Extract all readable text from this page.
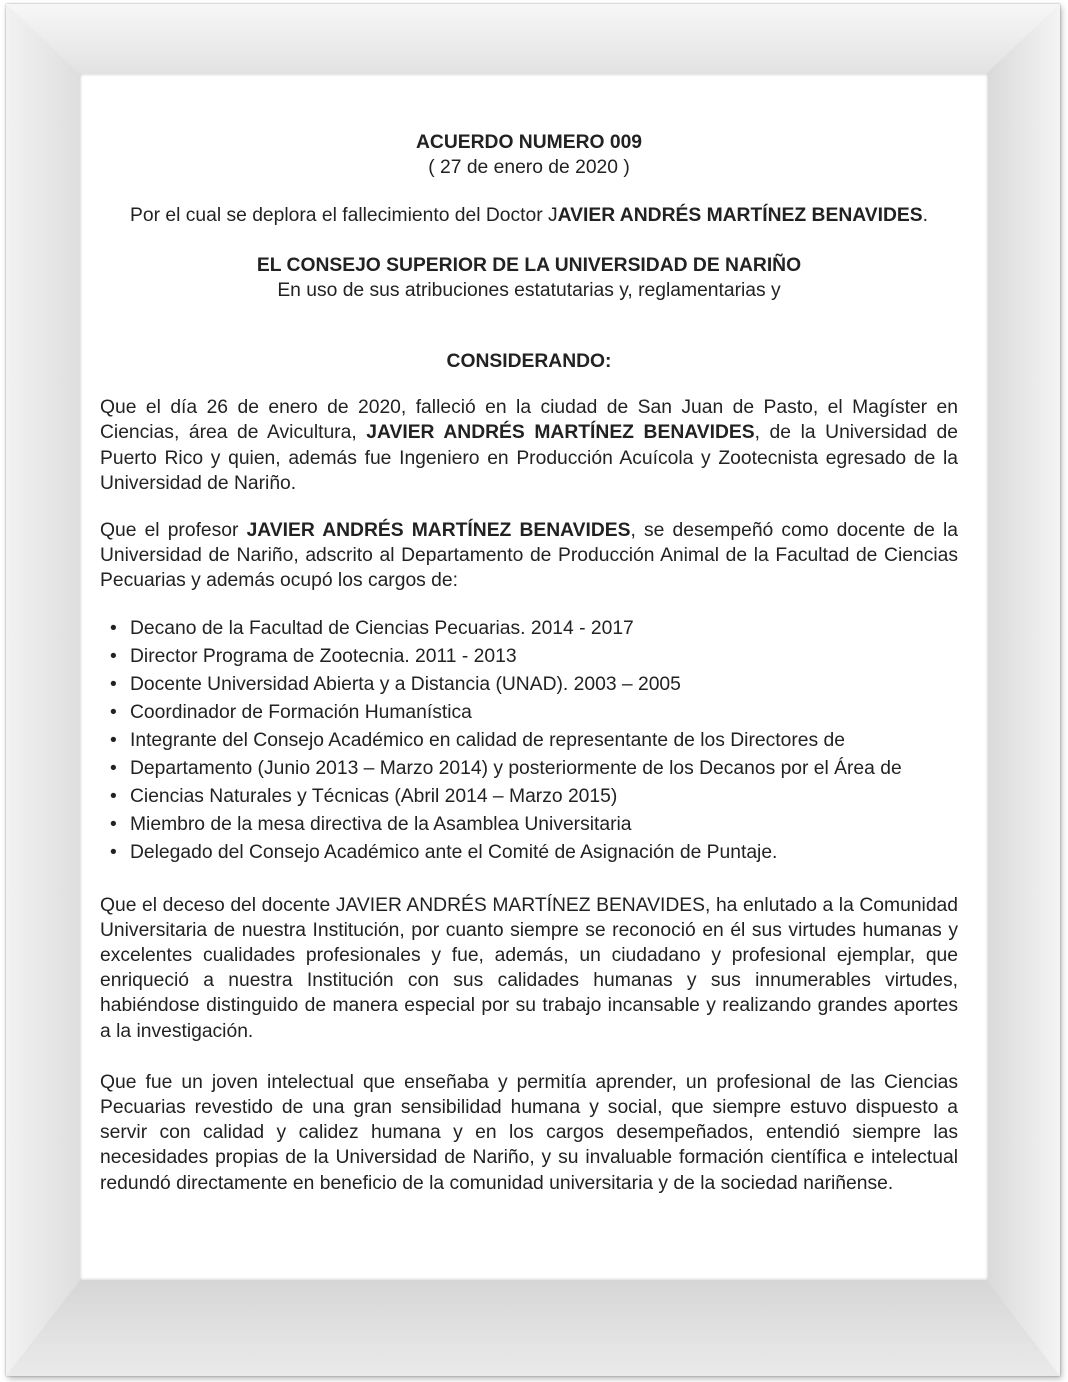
ACUERDO NUMERO 009

( 27 de enero de 2020 )

Por el cual se deplora el fallecimiento del Doctor JAVIER ANDRÉS MARTÍNEZ BENAVIDES.

EL CONSEJO SUPERIOR DE LA UNIVERSIDAD DE NARIÑO

En uso de sus atribuciones estatutarias y, reglamentarias y

CONSIDERANDO:

Que el día 26 de enero de 2020, falleció en la ciudad de San Juan de Pasto, el Magíster en Ciencias, área de Avicultura, JAVIER ANDRÉS MARTÍNEZ BENAVIDES, de la Universidad de Puerto Rico y quien, además fue Ingeniero en Producción Acuícola y Zootecnista egresado de la Universidad de Nariño.

Que el profesor JAVIER ANDRÉS MARTÍNEZ BENAVIDES, se desempeñó como docente de la Universidad de Nariño, adscrito al Departamento de Producción Animal de la Facultad de Ciencias Pecuarias y además ocupó los cargos de:

• Decano de la Facultad de Ciencias Pecuarias. 2014 - 2017
• Director Programa de Zootecnia. 2011 - 2013
• Docente Universidad Abierta y a Distancia (UNAD). 2003 – 2005
• Coordinador de Formación Humanística
• Integrante del Consejo Académico en calidad de representante de los Directores de
• Departamento (Junio 2013 – Marzo 2014) y posteriormente de los Decanos por el Área de
• Ciencias Naturales y Técnicas (Abril 2014 – Marzo 2015)
• Miembro de la mesa directiva de la Asamblea Universitaria
• Delegado del Consejo Académico ante el Comité de Asignación de Puntaje.

Que el deceso del docente JAVIER ANDRÉS MARTÍNEZ BENAVIDES, ha enlutado a la Comunidad Universitaria de nuestra Institución, por cuanto siempre se reconoció en él sus virtudes humanas y excelentes cualidades profesionales y fue, además, un ciudadano y profesional ejemplar, que enriqueció a nuestra Institución con sus calidades humanas y sus innumerables virtudes, habiéndose distinguido de manera especial por su trabajo incansable y realizando grandes aportes a la investigación.

Que fue un joven intelectual que enseñaba y permitía aprender, un profesional de las Ciencias Pecuarias revestido de una gran sensibilidad humana y social, que siempre estuvo dispuesto a servir con calidad y calidez humana y en los cargos desempeñados, entendió siempre las necesidades propias de la Universidad de Nariño, y su invaluable formación científica e intelectual redundó directamente en beneficio de la comunidad universitaria y de la sociedad nariñense.
